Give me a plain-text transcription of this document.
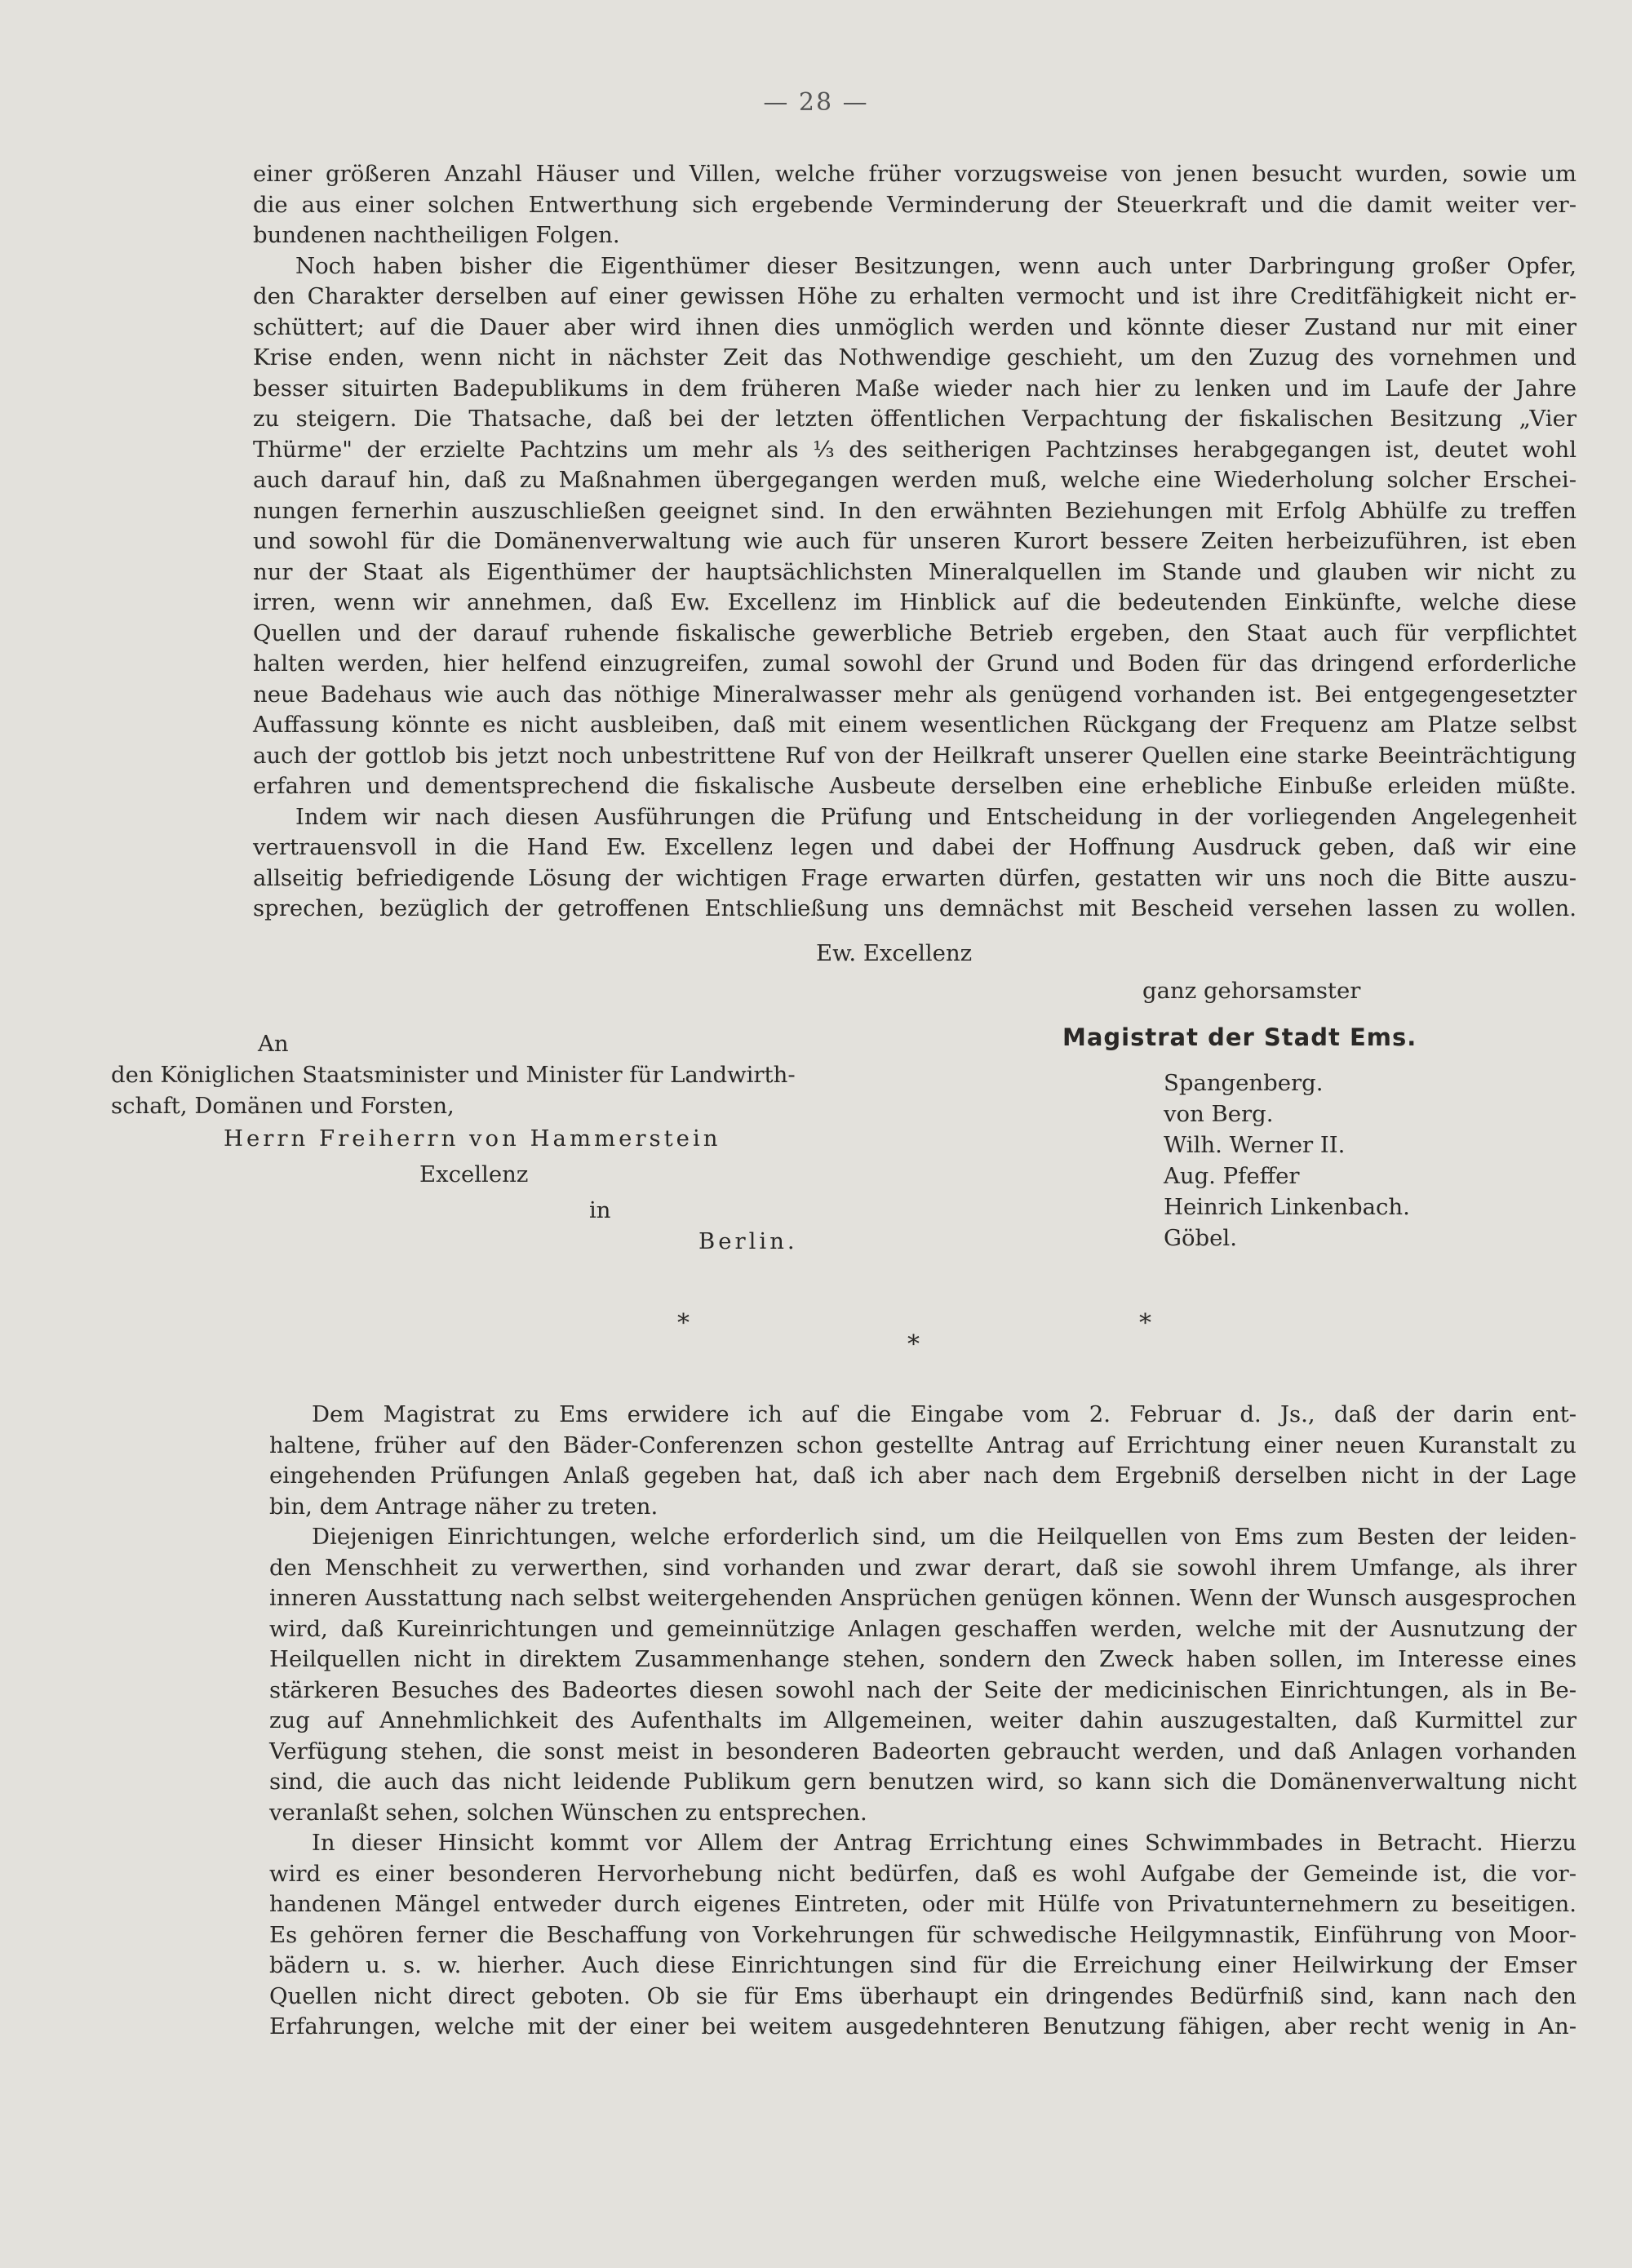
— 28 —
einer größeren Anzahl Häuser und Villen, welche früher vorzugsweise von jenen besucht wurden, sowie um
die aus einer solchen Entwerthung sich ergebende Verminderung der Steuerkraft und die damit weiter ver-
bundenen nachtheiligen Folgen.
Noch haben bisher die Eigenthümer dieser Besitzungen, wenn auch unter Darbringung großer Opfer,
den Charakter derselben auf einer gewissen Höhe zu erhalten vermocht und ist ihre Creditfähigkeit nicht er-
schüttert; auf die Dauer aber wird ihnen dies unmöglich werden und könnte dieser Zustand nur mit einer
Krise enden, wenn nicht in nächster Zeit das Nothwendige geschieht, um den Zuzug des vornehmen und
besser situirten Badepublikums in dem früheren Maße wieder nach hier zu lenken und im Laufe der Jahre
zu steigern. Die Thatsache, daß bei der letzten öffentlichen Verpachtung der fiskalischen Besitzung „Vier
Thürme" der erzielte Pachtzins um mehr als ⅓ des seitherigen Pachtzinses herabgegangen ist, deutet wohl
auch darauf hin, daß zu Maßnahmen übergegangen werden muß, welche eine Wiederholung solcher Erschei-
nungen fernerhin auszuschließen geeignet sind. In den erwähnten Beziehungen mit Erfolg Abhülfe zu treffen
und sowohl für die Domänenverwaltung wie auch für unseren Kurort bessere Zeiten herbeizuführen, ist eben
nur der Staat als Eigenthümer der hauptsächlichsten Mineralquellen im Stande und glauben wir nicht zu
irren, wenn wir annehmen, daß Ew. Excellenz im Hinblick auf die bedeutenden Einkünfte, welche diese
Quellen und der darauf ruhende fiskalische gewerbliche Betrieb ergeben, den Staat auch für verpflichtet
halten werden, hier helfend einzugreifen, zumal sowohl der Grund und Boden für das dringend erforderliche
neue Badehaus wie auch das nöthige Mineralwasser mehr als genügend vorhanden ist. Bei entgegengesetzter
Auffassung könnte es nicht ausbleiben, daß mit einem wesentlichen Rückgang der Frequenz am Platze selbst
auch der gottlob bis jetzt noch unbestrittene Ruf von der Heilkraft unserer Quellen eine starke Beeinträchtigung
erfahren und dementsprechend die fiskalische Ausbeute derselben eine erhebliche Einbuße erleiden müßte.
Indem wir nach diesen Ausführungen die Prüfung und Entscheidung in der vorliegenden Angelegenheit
vertrauensvoll in die Hand Ew. Excellenz legen und dabei der Hoffnung Ausdruck geben, daß wir eine
allseitig befriedigende Lösung der wichtigen Frage erwarten dürfen, gestatten wir uns noch die Bitte auszu-
sprechen, bezüglich der getroffenen Entschließung uns demnächst mit Bescheid versehen lassen zu wollen.
Ew. Excellenz
ganz gehorsamster
Magistrat der Stadt Ems.
Spangenberg.
von Berg.
Wilh. Werner II.
Aug. Pfeffer
Heinrich Linkenbach.
Göbel.
An
den Königlichen Staatsminister und Minister für Landwirth-
schaft, Domänen und Forsten,
Herrn Freiherrn von Hammerstein
Excellenz
in
Berlin.
*
*
*
Dem Magistrat zu Ems erwidere ich auf die Eingabe vom 2. Februar d. Js., daß der darin ent-
haltene, früher auf den Bäder-Conferenzen schon gestellte Antrag auf Errichtung einer neuen Kuranstalt zu
eingehenden Prüfungen Anlaß gegeben hat, daß ich aber nach dem Ergebniß derselben nicht in der Lage
bin, dem Antrage näher zu treten.
Diejenigen Einrichtungen, welche erforderlich sind, um die Heilquellen von Ems zum Besten der leiden-
den Menschheit zu verwerthen, sind vorhanden und zwar derart, daß sie sowohl ihrem Umfange, als ihrer
inneren Ausstattung nach selbst weitergehenden Ansprüchen genügen können. Wenn der Wunsch ausgesprochen
wird, daß Kureinrichtungen und gemeinnützige Anlagen geschaffen werden, welche mit der Ausnutzung der
Heilquellen nicht in direktem Zusammenhange stehen, sondern den Zweck haben sollen, im Interesse eines
stärkeren Besuches des Badeortes diesen sowohl nach der Seite der medicinischen Einrichtungen, als in Be-
zug auf Annehmlichkeit des Aufenthalts im Allgemeinen, weiter dahin auszugestalten, daß Kurmittel zur
Verfügung stehen, die sonst meist in besonderen Badeorten gebraucht werden, und daß Anlagen vorhanden
sind, die auch das nicht leidende Publikum gern benutzen wird, so kann sich die Domänenverwaltung nicht
veranlaßt sehen, solchen Wünschen zu entsprechen.
In dieser Hinsicht kommt vor Allem der Antrag Errichtung eines Schwimmbades in Betracht. Hierzu
wird es einer besonderen Hervorhebung nicht bedürfen, daß es wohl Aufgabe der Gemeinde ist, die vor-
handenen Mängel entweder durch eigenes Eintreten, oder mit Hülfe von Privatunternehmern zu beseitigen.
Es gehören ferner die Beschaffung von Vorkehrungen für schwedische Heilgymnastik, Einführung von Moor-
bädern u. s. w. hierher. Auch diese Einrichtungen sind für die Erreichung einer Heilwirkung der Emser
Quellen nicht direct geboten. Ob sie für Ems überhaupt ein dringendes Bedürfniß sind, kann nach den
Erfahrungen, welche mit der einer bei weitem ausgedehnteren Benutzung fähigen, aber recht wenig in An-
